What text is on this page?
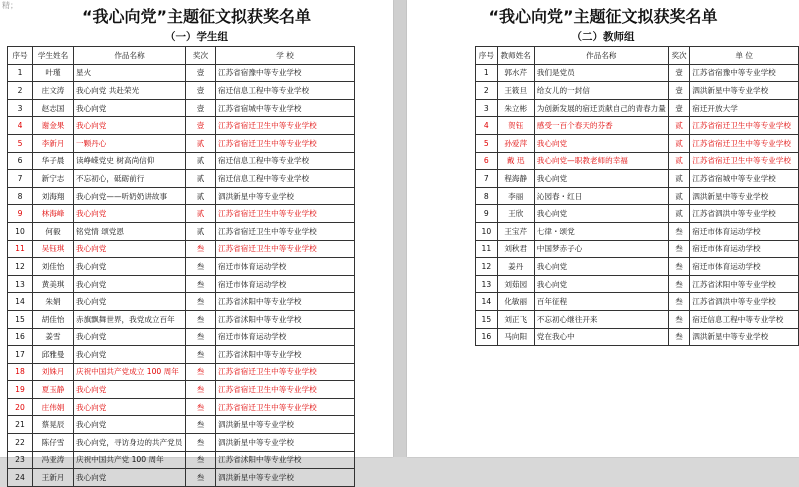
精；
“我心向党”主题征文拟获奖名单
（一）学生组
序号	学生姓名	作品名称	奖次	学 校
1	叶瑾	星火	壹	江苏省宿豫中等专业学校
2	庄文涛	我心向党 共赴荣光	壹	宿迁信息工程中等专业学校
3	赵志国	我心向党	壹	江苏省宿城中等专业学校
4	谢金果	我心向党	壹	江苏省宿迁卫生中等专业学校
5	李新月	一颗丹心	贰	江苏省宿迁卫生中等专业学校
6	华子晨	读峥嵘党史 树高尚信仰	贰	宿迁信息工程中等专业学校
7	新宁志	不忘初心，砥砺前行	贰	宿迁信息工程中等专业学校
8	刘海翔	我心向党——听奶奶讲故事	贰	泗洪新星中等专业学校
9	林海峰	我心向党	贰	江苏省宿迁卫生中等专业学校
10	何毅	铭党情 颂党恩	贰	江苏省宿迁卫生中等专业学校
11	吴钰琪	我心向党	叁	江苏省宿迁卫生中等专业学校
12	刘佳怡	我心向党	叁	宿迁市体育运动学校
13	黄美琪	我心向党	叁	宿迁市体育运动学校
14	朱娟	我心向党	叁	江苏省沭阳中等专业学校
15	胡佳怡	赤旗飘舞世界，我党成立百年	叁	江苏省沭阳中等专业学校
16	姜雪	我心向党	叁	宿迁市体育运动学校
17	邱雅曼	我心向党	叁	江苏省沭阳中等专业学校
18	刘姝月	庆祝中国共产党成立 100 周年	叁	江苏省宿迁卫生中等专业学校
19	夏玉静	我心向党	叁	江苏省宿迁卫生中等专业学校
20	庄伟娟	我心向党	叁	江苏省宿迁卫生中等专业学校
21	蔡晃辰	我心向党	叁	泗洪新星中等专业学校
22	陈仔雪	我心向党，寻访身边的共产党员	叁	泗洪新星中等专业学校
23	冯亚涛	庆祝中国共产党 100 周年	叁	江苏省沭阳中等专业学校
24	王新月	我心向党	叁	泗洪新星中等专业学校
“我心向党”主题征文拟获奖名单
（二）教师组
序号	教师姓名	作品名称	奖次	单 位
1	郭水芹	我们是党员	壹	江苏省宿豫中等专业学校
2	王筱旦	给女儿的一封信	壹	泗洪新星中等专业学校
3	朱立彬	为创新发展的宿迁贡献自己的青春力量	壹	宿迁开放大学
4	贺钰	感受一百个春天的芬香	贰	江苏省宿迁卫生中等专业学校
5	孙爱萍	我心向党	贰	江苏省宿迁卫生中等专业学校
6	戴 迅	我心向党—职教老师的幸福	贰	江苏省宿迁卫生中等专业学校
7	程海静	我心向党	贰	江苏省宿城中等专业学校
8	李丽	沁园春・红日	贰	泗洪新星中等专业学校
9	王欣	我心向党	贰	江苏省泗洪中等专业学校
10	王宝芹	七律・颂党	叁	宿迁市体育运动学校
11	刘秋君	中国梦赤子心	叁	宿迁市体育运动学校
12	姜丹	我心向党	叁	宿迁市体育运动学校
13	刘茹园	我心向党	叁	江苏省沭阳中等专业学校
14	化敏丽	百年征程	叁	江苏省泗洪中等专业学校
15	刘正飞	不忘初心继往开来	叁	宿迁信息工程中等专业学校
16	马向阳	党在我心中	叁	泗洪新星中等专业学校
